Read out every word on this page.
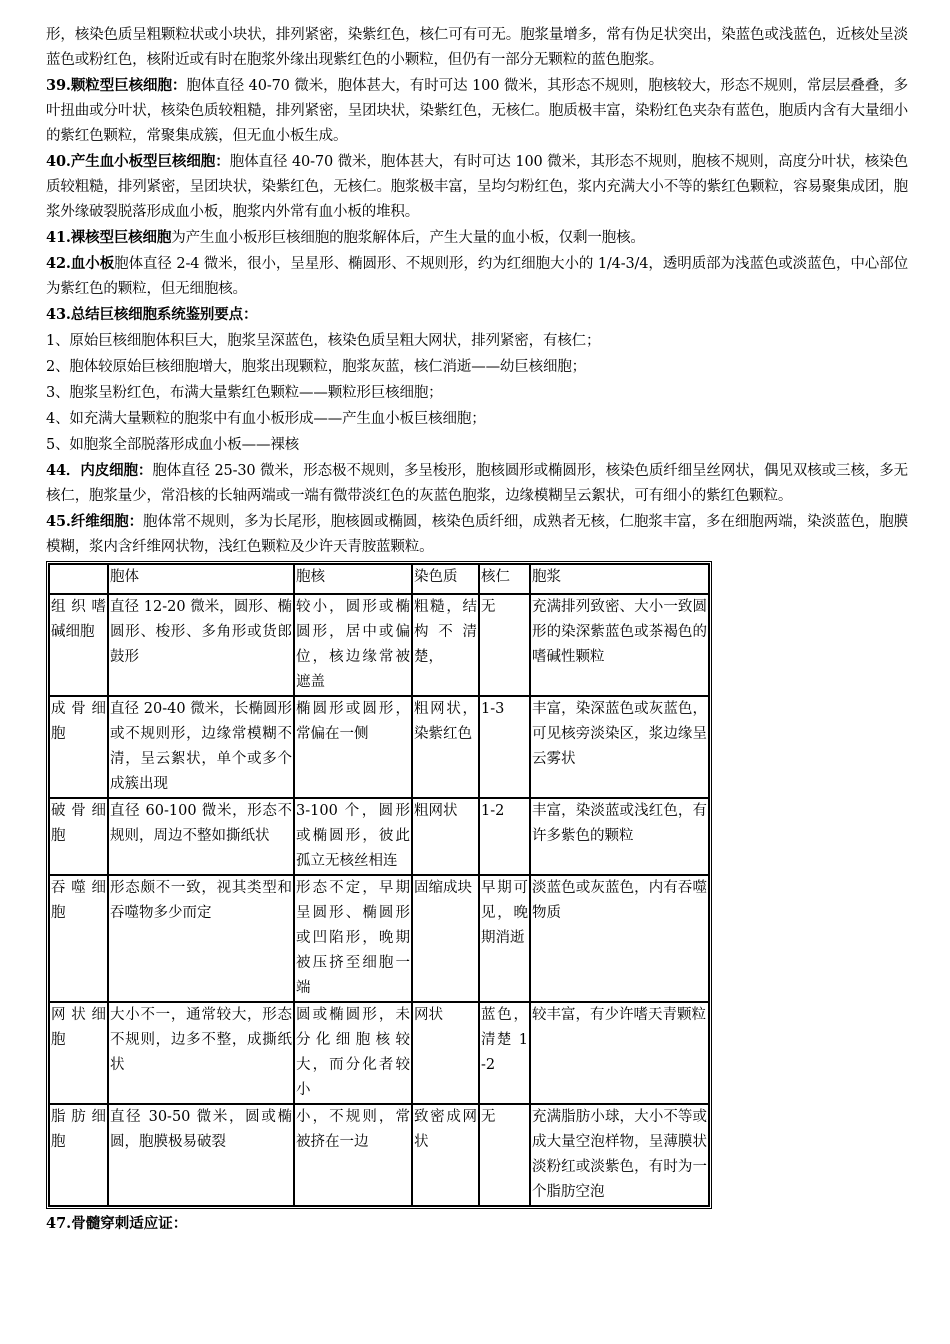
形，核染色质呈粗颗粒状或小块状，排列紧密，染紫红色，核仁可有可无。胞浆量增多，常有伪足状突出，染蓝色或浅蓝色，近核处呈淡蓝色或粉红色，核附近或有时在胞浆外缘出现紫红色的小颗粒，但仍有一部分无颗粒的蓝色胞浆。

39.颗粒型巨核细胞：胞体直径 40-70 微米，胞体甚大，有时可达 100 微米，其形态不规则，胞核较大，形态不规则，常层层叠叠，多叶扭曲或分叶状，核染色质较粗糙，排列紧密，呈团块状，染紫红色，无核仁。胞质极丰富，染粉红色夹杂有蓝色，胞质内含有大量细小的紫红色颗粒，常聚集成簇，但无血小板生成。

40.产生血小板型巨核细胞：胞体直径 40-70 微米，胞体甚大，有时可达 100 微米，其形态不规则，胞核不规则，高度分叶状，核染色质较粗糙，排列紧密，呈团块状，染紫红色，无核仁。胞浆极丰富，呈均匀粉红色，浆内充满大小不等的紫红色颗粒，容易聚集成团，胞浆外缘破裂脱落形成血小板，胞浆内外常有血小板的堆积。

41.裸核型巨核细胞为产生血小板形巨核细胞的胞浆解体后，产生大量的血小板，仅剩一胞核。

42.血小板胞体直径 2-4 微米，很小，呈星形、椭圆形、不规则形，约为红细胞大小的 1/4-3/4，透明质部为浅蓝色或淡蓝色，中心部位为紫红色的颗粒，但无细胞核。

43.总结巨核细胞系统鉴别要点：

1、原始巨核细胞体积巨大，胞浆呈深蓝色，核染色质呈粗大网状，排列紧密，有核仁；

2、胞体较原始巨核细胞增大，胞浆出现颗粒，胞浆灰蓝，核仁消逝——幼巨核细胞；

3、胞浆呈粉红色，布满大量紫红色颗粒——颗粒形巨核细胞；

4、如充满大量颗粒的胞浆中有血小板形成——产生血小板巨核细胞；

5、如胞浆全部脱落形成血小板——裸核

44．内皮细胞：胞体直径 25-30 微米，形态极不规则，多呈梭形，胞核圆形或椭圆形，核染色质纤细呈丝网状，偶见双核或三核，多无核仁，胞浆量少，常沿核的长轴两端或一端有微带淡红色的灰蓝色胞浆，边缘模糊呈云絮状，可有细小的紫红色颗粒。

45.纤维细胞：胞体常不规则，多为长尾形，胞核圆或椭圆，核染色质纤细，成熟者无核，仁胞浆丰富，多在细胞两端，染淡蓝色，胞膜模糊，浆内含纤维网状物，浅红色颗粒及少许天青胺蓝颗粒。

	胞体	胞核	染色质	核仁	胞浆
组织嗜碱细胞	直径 12-20 微米，圆形、椭圆形、梭形、多角形或货郎鼓形	较小，圆形或椭圆形，居中或偏位，核边缘常被遮盖	粗糙，结构不清楚，	无	充满排列致密、大小一致圆形的染深紫蓝色或茶褐色的嗜碱性颗粒
成骨细胞	直径 20-40 微米，长椭圆形或不规则形，边缘常模糊不清，呈云絮状，单个或多个成簇出现	椭圆形或圆形，常偏在一侧	粗网状，染紫红色	1-3	丰富，染深蓝色或灰蓝色，可见核旁淡染区，浆边缘呈云雾状
破骨细胞	直径 60-100 微米，形态不规则，周边不整如撕纸状	3-100 个，圆形或椭圆形，彼此孤立无核丝相连	粗网状	1-2	丰富，染淡蓝或浅红色，有许多紫色的颗粒
吞噬细胞	形态颇不一致，视其类型和吞噬物多少而定	形态不定，早期呈圆形、椭圆形或凹陷形，晚期被压挤至细胞一端	固缩成块	早期可见，晚期消逝	淡蓝色或灰蓝色，内有吞噬物质
网状细胞	大小不一，通常较大，形态不规则，边多不整，成撕纸状	圆或椭圆形，未分化细胞核较大，而分化者较小	网状	蓝色，清楚 1-2	较丰富，有少许嗜天青颗粒
脂肪细胞	直径 30-50 微米，圆或椭圆，胞膜极易破裂	小，不规则，常被挤在一边	致密成网状	无	充满脂肪小球，大小不等或成大量空泡样物，呈薄膜状淡粉红或淡紫色，有时为一个脂肪空泡
47.骨髓穿刺适应证：
